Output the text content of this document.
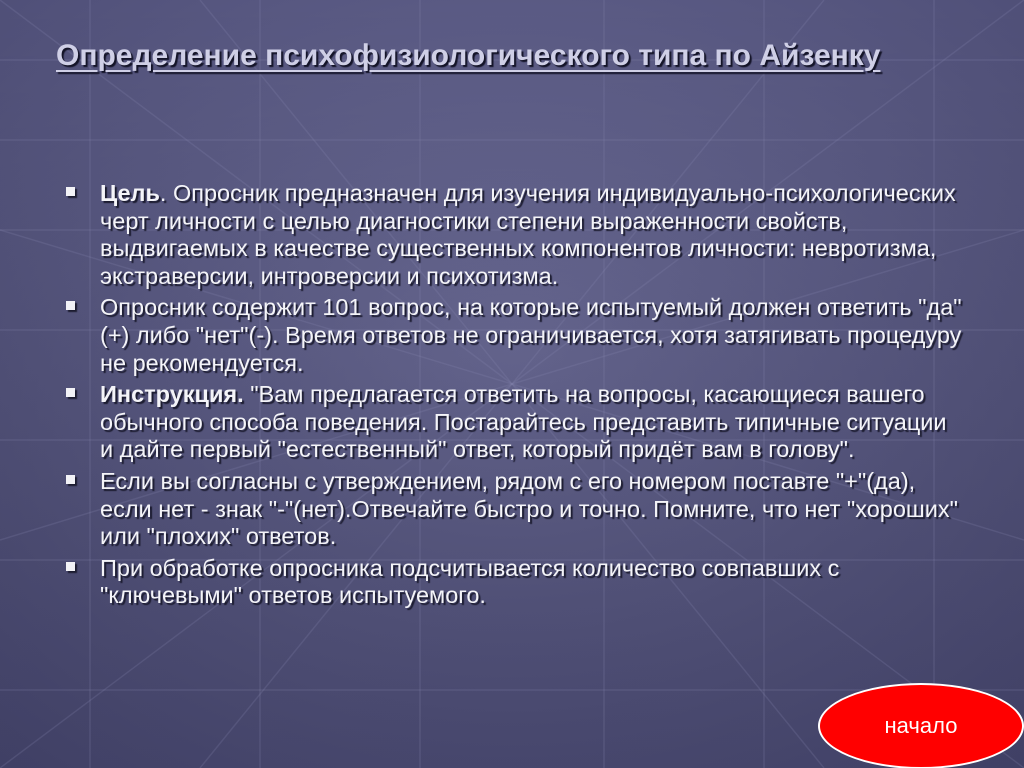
Определение психофизиологического типа по Айзенку
Цель. Опросник предназначен для изучения индивидуально-психологических черт личности с целью диагностики степени выраженности свойств, выдвигаемых в качестве существенных компонентов личности: невротизма, экстраверсии, интроверсии и психотизма.
Опросник содержит 101 вопрос, на которые испытуемый должен ответить "да"(+) либо "нет"(-). Время ответов не ограничивается, хотя затягивать процедуру не рекомендуется.
Инструкция. "Вам предлагается ответить на вопросы, касающиеся вашего обычного способа поведения. Постарайтесь представить типичные ситуации и дайте первый "естественный" ответ, который придёт вам в голову".
Если вы согласны с утверждением, рядом с его номером поставте "+"(да), если нет - знак "-"(нет).Отвечайте быстро и точно. Помните, что нет "хороших" или "плохих" ответов.
При обработке опросника подсчитывается количество совпавших с "ключевыми" ответов испытуемого.
начало
